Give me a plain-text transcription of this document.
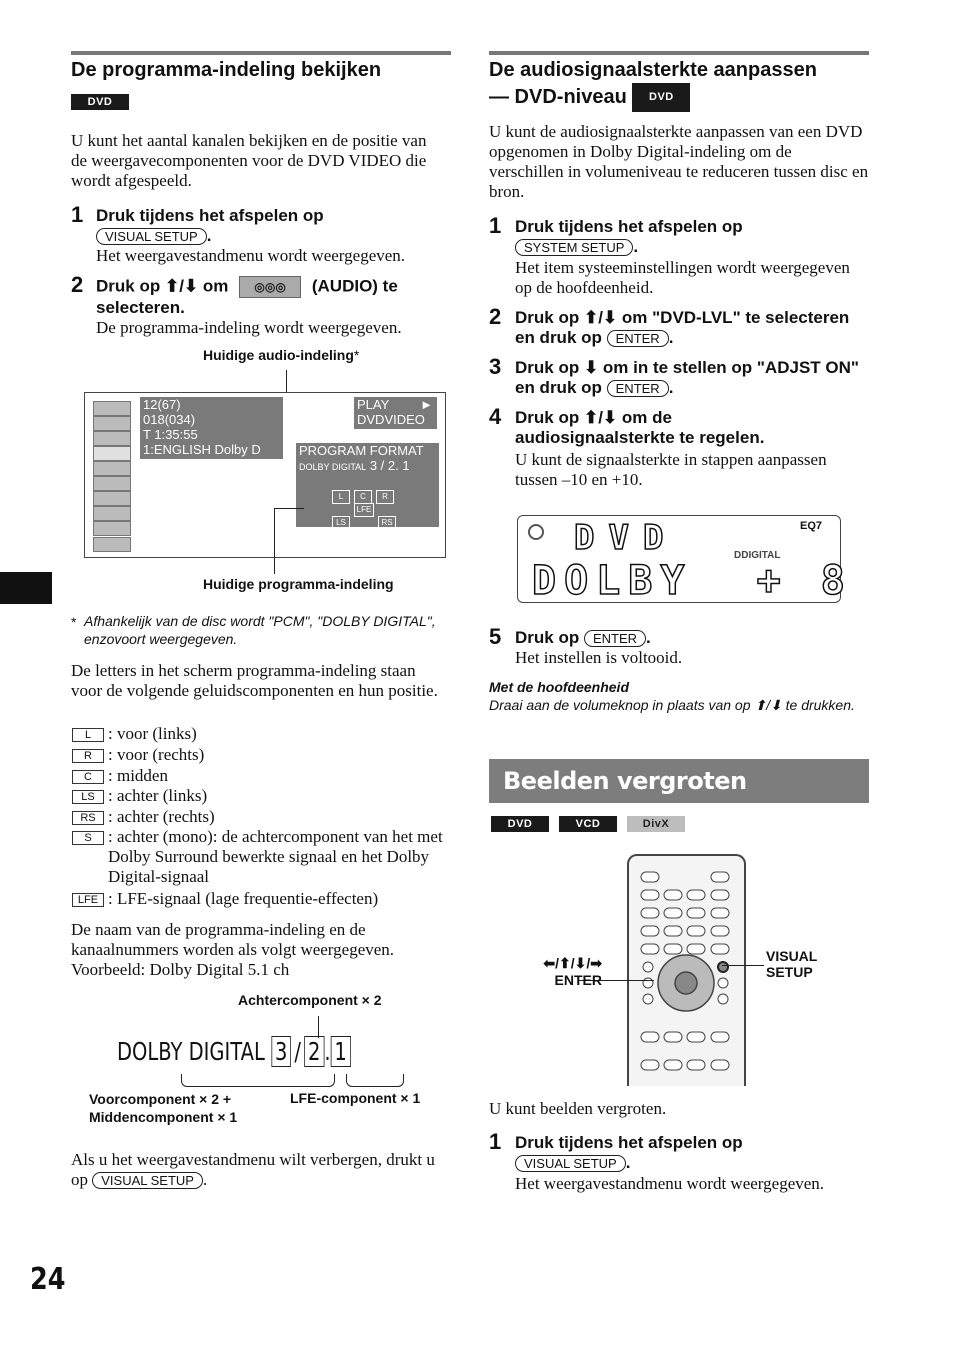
De programma-indeling bekijken
DVD
U kunt het aantal kanalen bekijken en de positie van de weergavecomponenten voor de DVD VIDEO die wordt afgespeeld.
1 Druk tijdens het afspelen op
VISUAL SETUP .
Het weergavestandmenu wordt weergegeven.
2 Druk op ⬆/⬇ om ◎◎◎ (AUDIO) te selecteren.
De programma-indeling wordt weergegeven.
Huidige audio-indeling*
12(67)
018(034)
T 1:35:55
1:ENGLISH Dolby D
PLAY ►
DVDVIDEO
PROGRAM FORMAT
DOLBY DIGITAL 3 / 2. 1
L C R
LFE
LS	RS
Huidige programma-indeling
* Afhankelijk van de disc wordt "PCM", "DOLBY DIGITAL", enzovoort weergegeven.
De letters in het scherm programma-indeling staan voor de volgende geluidscomponenten en hun positie.
L : voor (links)
R : voor (rechts)
C : midden
LS : achter (links)
RS : achter (rechts)
S : achter (mono): de achtercomponent van het met Dolby Surround bewerkte signaal en het Dolby Digital-signaal
LFE : LFE-signaal (lage frequentie-effecten)
De naam van de programma-indeling en de kanaalnummers worden als volgt weergegeven. Voorbeeld: Dolby Digital 5.1 ch
Achtercomponent × 2
DOLBY DIGITAL 3 / 2 . 1
Voorcomponent × 2 +
Middencomponent × 1
LFE-component × 1
Als u het weergavestandmenu wilt verbergen, drukt u op VISUAL SETUP .
24
De audiosignaalsterkte aanpassen
— DVD-niveau DVD
U kunt de audiosignaalsterkte aanpassen van een DVD opgenomen in Dolby Digital-indeling om de verschillen in volumeniveau te reduceren tussen disc en bron.
1 Druk tijdens het afspelen op
SYSTEM SETUP .
Het item systeeminstellingen wordt weergegeven op de hoofdeenheid.
2 Druk op ⬆/⬇ om "DVD-LVL" te selecteren en druk op ENTER .
3 Druk op ⬇ om in te stellen op "ADJST ON" en druk op ENTER .
4 Druk op ⬆/⬇ om de audiosignaalsterkte te regelen.
U kunt de signaalsterkte in stappen aanpassen tussen –10 en +10.
DVD	EQ7
DDIGITAL
DOLBY  + 8
5 Druk op ENTER .
Het instellen is voltooid.
Met de hoofdeenheid
Draai aan de volumeknop in plaats van op ⬆/⬇ te drukken.
Beelden vergroten
DVD	VCD	DivX
⬅/⬆/⬇/➡
ENTER
VISUAL
SETUP
U kunt beelden vergroten.
1 Druk tijdens het afspelen op
VISUAL SETUP .
Het weergavestandmenu wordt weergegeven.
